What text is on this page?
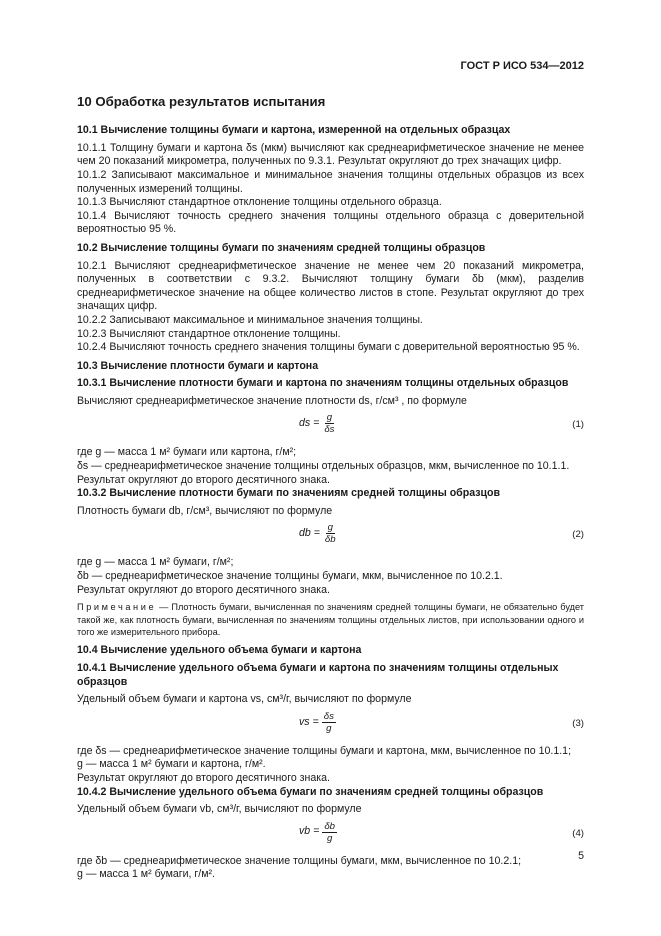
ГОСТ Р ИСО 534—2012
10 Обработка результатов испытания
10.1 Вычисление толщины бумаги и картона, измеренной на отдельных образцах

10.1.1 Толщину бумаги и картона δs (мкм) вычисляют как среднеарифметическое значение не менее чем 20 показаний микрометра, полученных по 9.3.1. Результат округляют до трех значащих цифр.

10.1.2 Записывают максимальное и минимальное значения толщины отдельных образцов из всех полученных измерений толщины.

10.1.3 Вычисляют стандартное отклонение толщины отдельного образца.

10.1.4 Вычисляют точность среднего значения толщины отдельного образца с доверительной вероятностью 95 %.

10.2 Вычисление толщины бумаги по значениям средней толщины образцов

10.2.1 Вычисляют среднеарифметическое значение не менее чем 20 показаний микрометра, полученных в соответствии с 9.3.2. Вычисляют толщину бумаги δb (мкм), разделив среднеарифметическое значение на общее количество листов в стопе. Результат округляют до трех значащих цифр.

10.2.2 Записывают максимальное и минимальное значения толщины.

10.2.3 Вычисляют стандартное отклонение толщины.

10.2.4 Вычисляют точность среднего значения толщины бумаги с доверительной вероятностью 95 %.

10.3 Вычисление плотности бумаги и картона
10.3.1 Вычисление плотности бумаги и картона по значениям толщины отдельных образцов

Вычисляют среднеарифметическое значение плотности ds, г/см³ , по формуле

ds = $\frac{g}{\delta s}$	(1)

где g — масса 1 м² бумаги или картона, г/м²;

δs — среднеарифметическое значение толщины отдельных образцов, мкм, вычисленное по 10.1.1.

Результат округляют до второго десятичного знака.

10.3.2 Вычисление плотности бумаги по значениям средней толщины образцов

Плотность бумаги db, г/см³, вычисляют по формуле

db = $\frac{g}{\delta b}$	(2)

где g — масса 1 м² бумаги, г/м²;

δb — среднеарифметическое значение толщины бумаги, мкм, вычисленное по 10.2.1.

Результат округляют до второго десятичного знака.

Примечание — Плотность бумаги, вычисленная по значениям средней толщины бумаги, не обязательно будет такой же, как плотность бумаги, вычисленная по значениям толщины отдельных листов, при использовании одного и того же измерительного прибора.
10.4 Вычисление удельного объема бумаги и картона
10.4.1 Вычисление удельного объема бумаги и картона по значениям толщины отдельных образцов

Удельный объем бумаги и картона vs, см³/г, вычисляют по формуле

vs = $\frac{\delta s}{g}$	(3)

где δs — среднеарифметическое значение толщины бумаги и картона, мкм, вычисленное по 10.1.1;

g — масса 1 м² бумаги и картона, г/м².

Результат округляют до второго десятичного знака.

10.4.2 Вычисление удельного объема бумаги по значениям средней толщины образцов

Удельный объем бумаги vb, см³/г, вычисляют по формуле

vb = $\frac{\delta b}{g}$	(4)

где δb — среднеарифметическое значение толщины бумаги, мкм, вычисленное по 10.2.1;

g — масса 1 м² бумаги, г/м².

5
